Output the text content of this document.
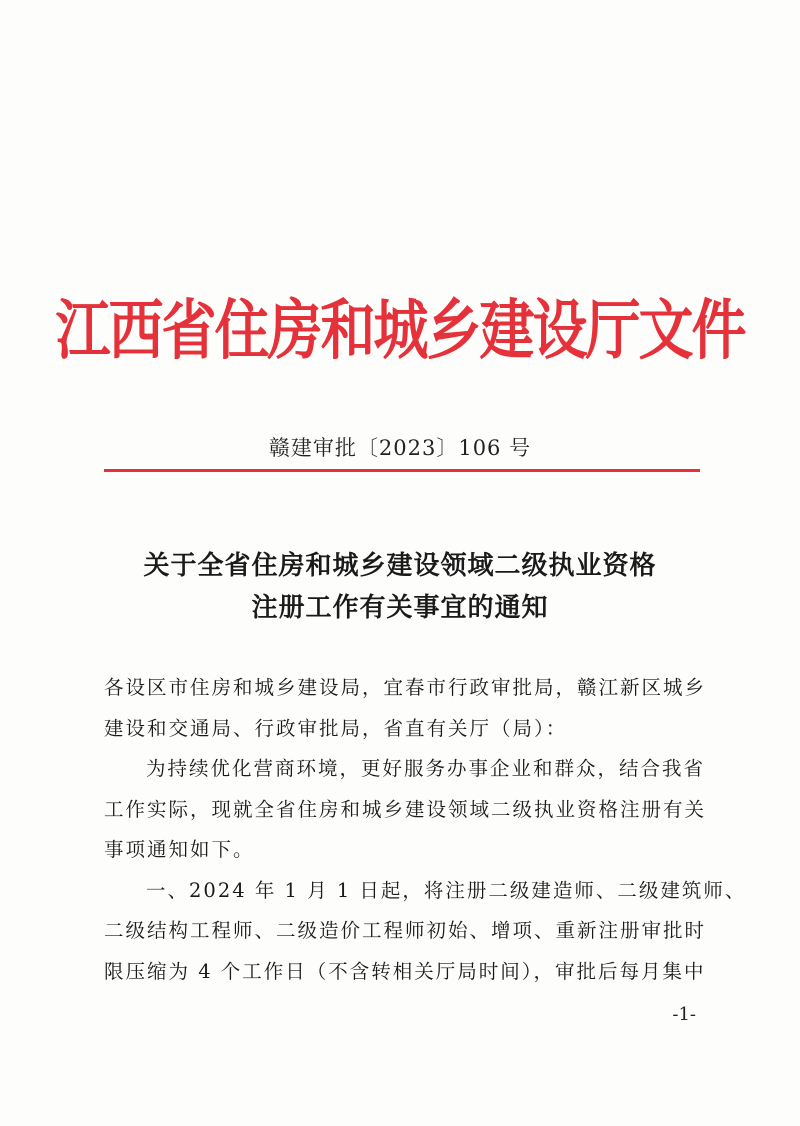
江西省住房和城乡建设厅文件
赣建审批〔2023〕106 号
关于全省住房和城乡建设领域二级执业资格
注册工作有关事宜的通知
各设区市住房和城乡建设局，宜春市行政审批局，赣江新区城乡
建设和交通局、行政审批局，省直有关厅（局）：
为持续优化营商环境，更好服务办事企业和群众，结合我省
工作实际，现就全省住房和城乡建设领域二级执业资格注册有关
事项通知如下。
一、2024 年 1 月 1 日起，将注册二级建造师、二级建筑师、
二级结构工程师、二级造价工程师初始、增项、重新注册审批时
限压缩为 4 个工作日（不含转相关厅局时间），审批后每月集中
-1-
